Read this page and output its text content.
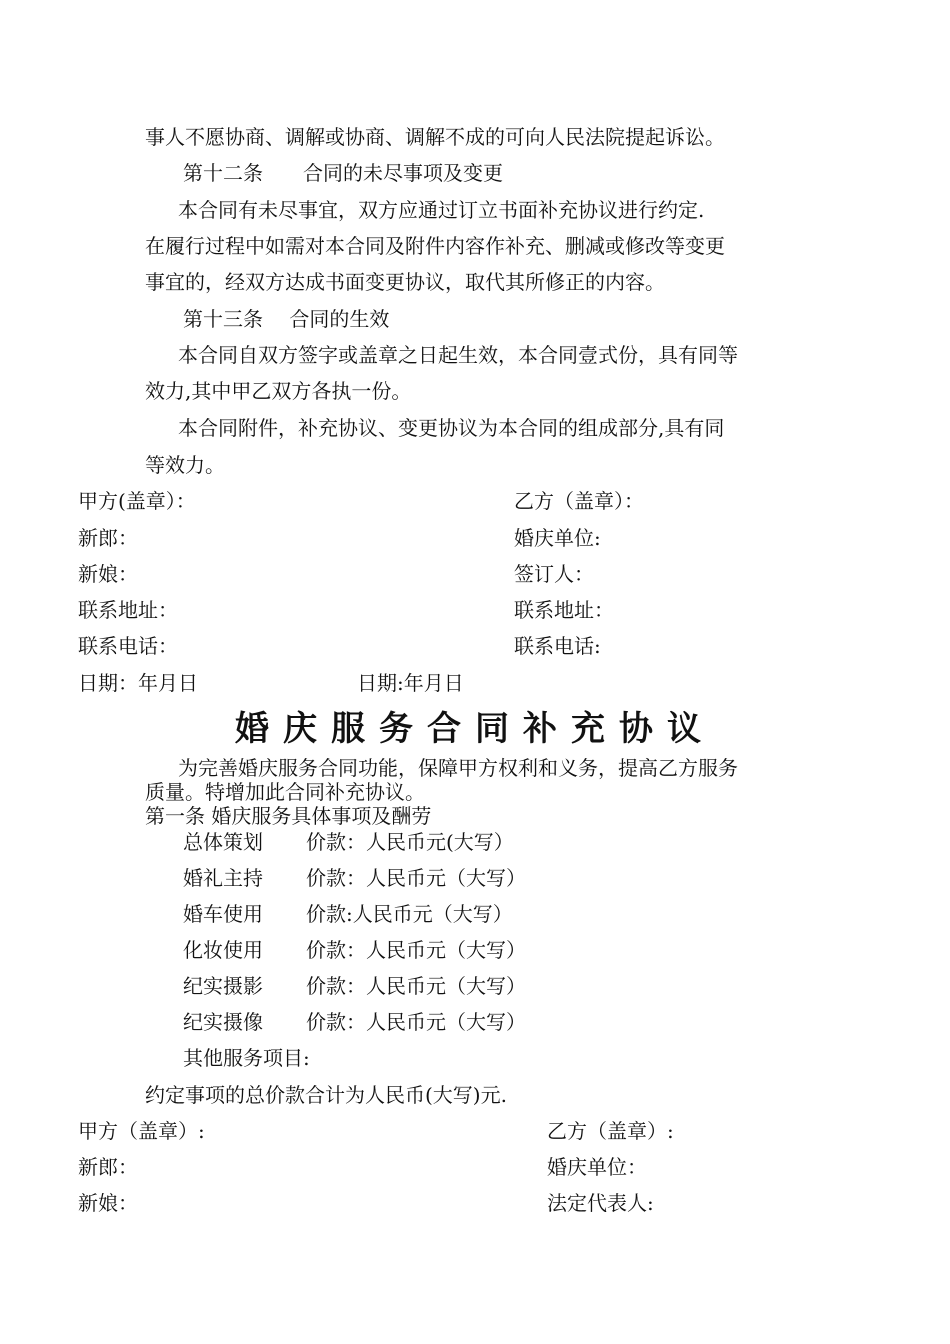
事人不愿协商、调解或协商、调解不成的可向人民法院提起诉讼。
第十二条　　合同的未尽事项及变更
本合同有未尽事宜，双方应通过订立书面补充协议进行约定.
在履行过程中如需对本合同及附件内容作补充、删减或修改等变更
事宜的，经双方达成书面变更协议，取代其所修正的内容。
第十三条　 合同的生效
本合同自双方签字或盖章之日起生效，本合同壹式份，具有同等
效力,其中甲乙双方各执一份。
本合同附件，补充协议、变更协议为本合同的组成部分,具有同
等效力。
甲方(盖章）：
新郎：
新娘：
联系地址：
联系电话：
日期：年月日
乙方（盖章）：
婚庆单位:
签订人：
联系地址：
联系电话:
日期:年月日
婚庆服务合同补充协议
为完善婚庆服务合同功能，保障甲方权利和义务，提高乙方服务
质量。特增加此合同补充协议。
第一条 婚庆服务具体事项及酬劳
总体策划 价款：人民币元(大写）
婚礼主持 价款：人民币元（大写）
婚车使用 价款:人民币元（大写）
化妆使用 价款：人民币元（大写）
纪实摄影 价款：人民币元（大写）
纪实摄像 价款：人民币元（大写）
其他服务项目:
约定事项的总价款合计为人民币(大写)元.
甲方（盖章）:
新郎：
新娘：
乙方（盖章）:
婚庆单位：
法定代表人:
